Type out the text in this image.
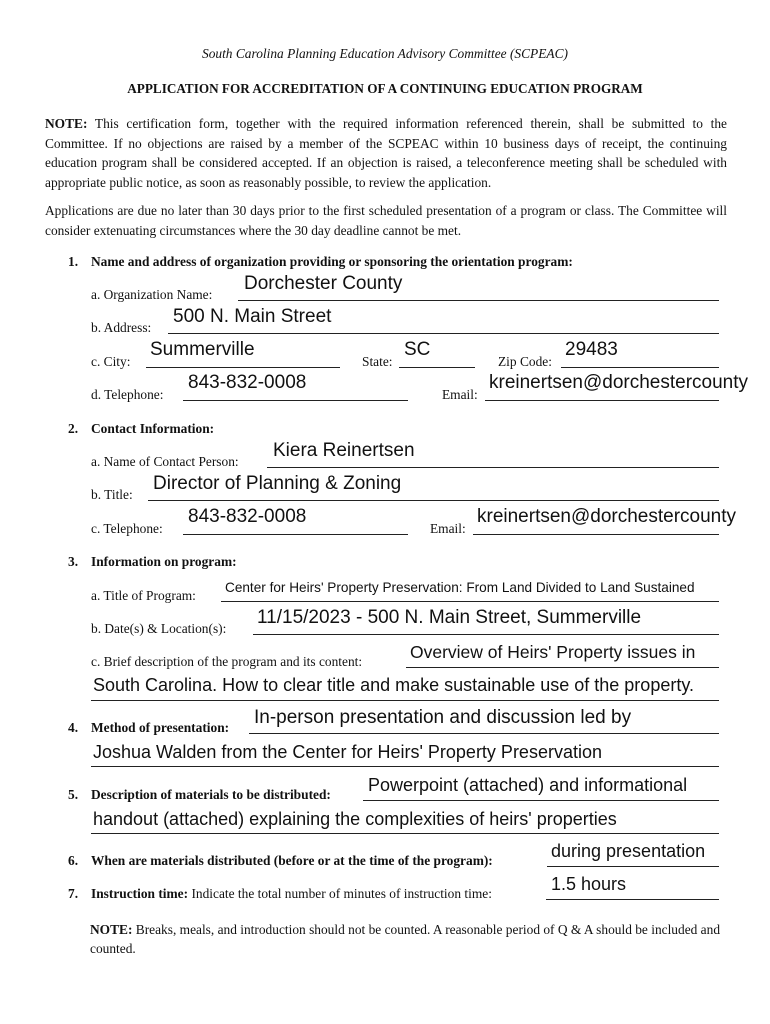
South Carolina Planning Education Advisory Committee (SCPEAC)
APPLICATION FOR ACCREDITATION OF A CONTINUING EDUCATION PROGRAM
NOTE: This certification form, together with the required information referenced therein, shall be submitted to the Committee. If no objections are raised by a member of the SCPEAC within 10 business days of receipt, the continuing education program shall be considered accepted. If an objection is raised, a teleconference meeting shall be scheduled with appropriate public notice, as soon as reasonably possible, to review the application.
Applications are due no later than 30 days prior to the first scheduled presentation of a program or class. The Committee will consider extenuating circumstances where the 30 day deadline cannot be met.
1. Name and address of organization providing or sponsoring the orientation program:
a. Organization Name:
Dorchester County
b. Address:
500 N. Main Street
c. City:
Summerville
State:
SC
Zip Code:
29483
d. Telephone:
843-832-0008
Email:
kreinertsen@dorchestercounty
2. Contact Information:
a. Name of Contact Person:
Kiera Reinertsen
b. Title:
Director of Planning & Zoning
c. Telephone:
843-832-0008
Email:
kreinertsen@dorchestercounty
3. Information on program:
a. Title of Program:
Center for Heirs' Property Preservation: From Land Divided to Land Sustained
b. Date(s) & Location(s):
11/15/2023 - 500 N. Main Street, Summerville
c. Brief description of the program and its content:	Overview of Heirs' Property issues in
South Carolina. How to clear title and make sustainable use of the property.
4. Method of presentation: In-person presentation and discussion led by
Joshua Walden from the Center for Heirs' Property Preservation
5. Description of materials to be distributed: Powerpoint (attached) and informational
handout (attached) explaining the complexities of heirs' properties
6. When are materials distributed (before or at the time of the program):	during presentation
7. Instruction time: Indicate the total number of minutes of instruction time:	1.5 hours
NOTE: Breaks, meals, and introduction should not be counted. A reasonable period of Q & A should be included and counted.
